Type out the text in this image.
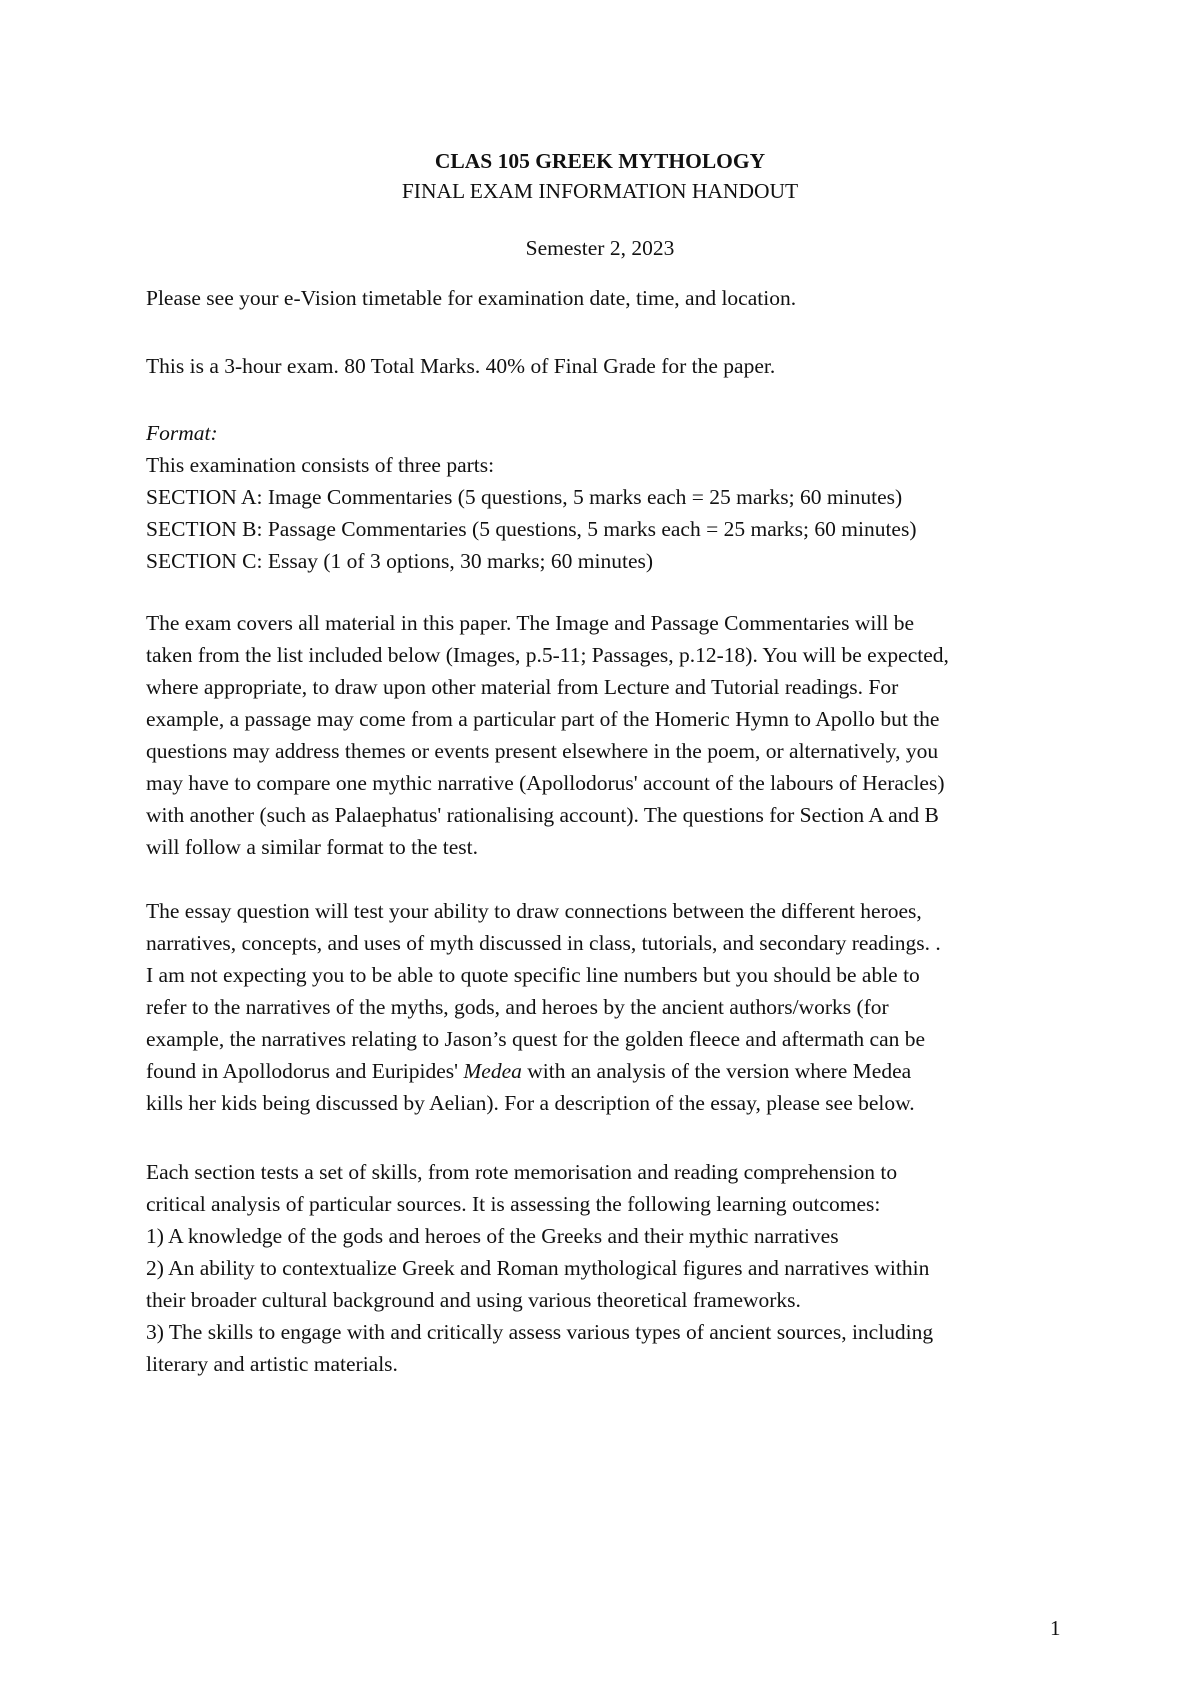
CLAS 105 GREEK MYTHOLOGY
FINAL EXAM INFORMATION HANDOUT
Semester 2, 2023
Please see your e-Vision timetable for examination date, time, and location.
This is a 3-hour exam. 80 Total Marks. 40% of Final Grade for the paper.
Format:
This examination consists of three parts:
SECTION A: Image Commentaries (5 questions, 5 marks each = 25 marks; 60 minutes)
SECTION B: Passage Commentaries (5 questions, 5 marks each = 25 marks; 60 minutes)
SECTION C: Essay (1 of 3 options, 30 marks; 60 minutes)
The exam covers all material in this paper. The Image and Passage Commentaries will be
taken from the list included below (Images, p.5-11; Passages, p.12-18). You will be expected,
where appropriate, to draw upon other material from Lecture and Tutorial readings. For
example, a passage may come from a particular part of the Homeric Hymn to Apollo but the
questions may address themes or events present elsewhere in the poem, or alternatively, you
may have to compare one mythic narrative (Apollodorus' account of the labours of Heracles)
with another (such as Palaephatus' rationalising account). The questions for Section A and B
will follow a similar format to the test.
The essay question will test your ability to draw connections between the different heroes,
narratives, concepts, and uses of myth discussed in class, tutorials, and secondary readings. .
I am not expecting you to be able to quote specific line numbers but you should be able to
refer to the narratives of the myths, gods, and heroes by the ancient authors/works (for
example, the narratives relating to Jason’s quest for the golden fleece and aftermath can be
found in Apollodorus and Euripides' Medea with an analysis of the version where Medea
kills her kids being discussed by Aelian). For a description of the essay, please see below.
Each section tests a set of skills, from rote memorisation and reading comprehension to
critical analysis of particular sources. It is assessing the following learning outcomes:
1) A knowledge of the gods and heroes of the Greeks and their mythic narratives
2) An ability to contextualize Greek and Roman mythological figures and narratives within
their broader cultural background and using various theoretical frameworks.
3) The skills to engage with and critically assess various types of ancient sources, including
literary and artistic materials.
1
